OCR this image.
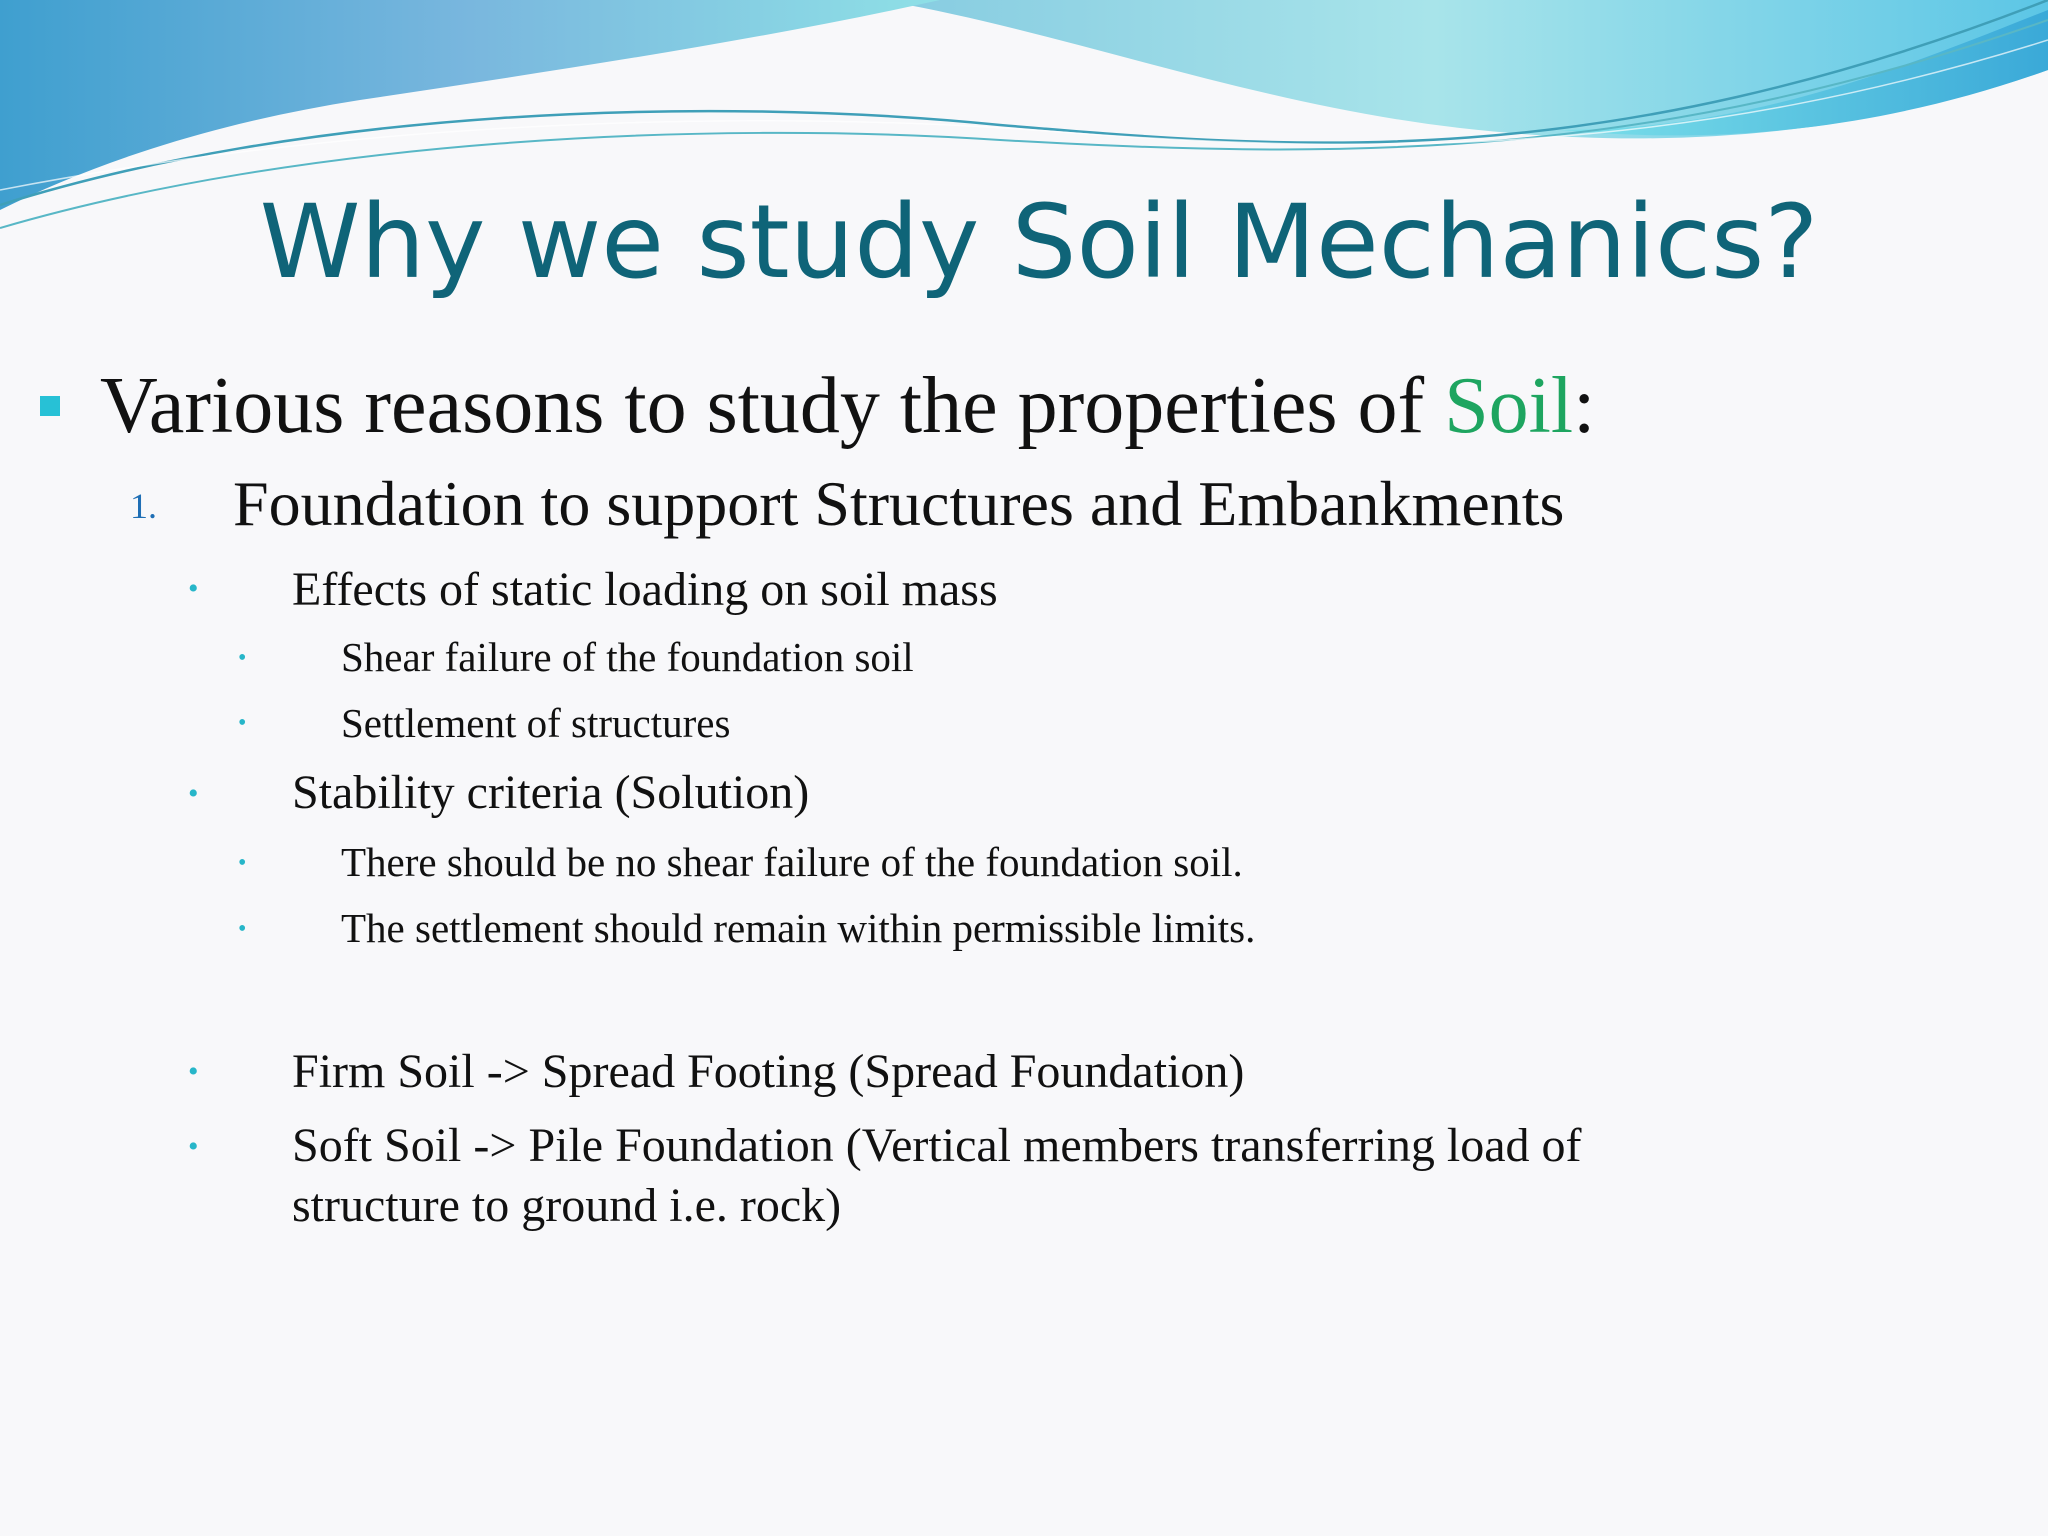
Why we study Soil Mechanics?
Various reasons to study the properties of Soil:
1. Foundation to support Structures and Embankments
• Effects of static loading on soil mass
• Shear failure of the foundation soil
• Settlement of structures
• Stability criteria (Solution)
• There should be no shear failure of the foundation soil.
• The settlement should remain within permissible limits.
• Firm Soil -> Spread Footing (Spread Foundation)
• Soft Soil -> Pile Foundation (Vertical members transferring load of
structure to ground i.e. rock)
